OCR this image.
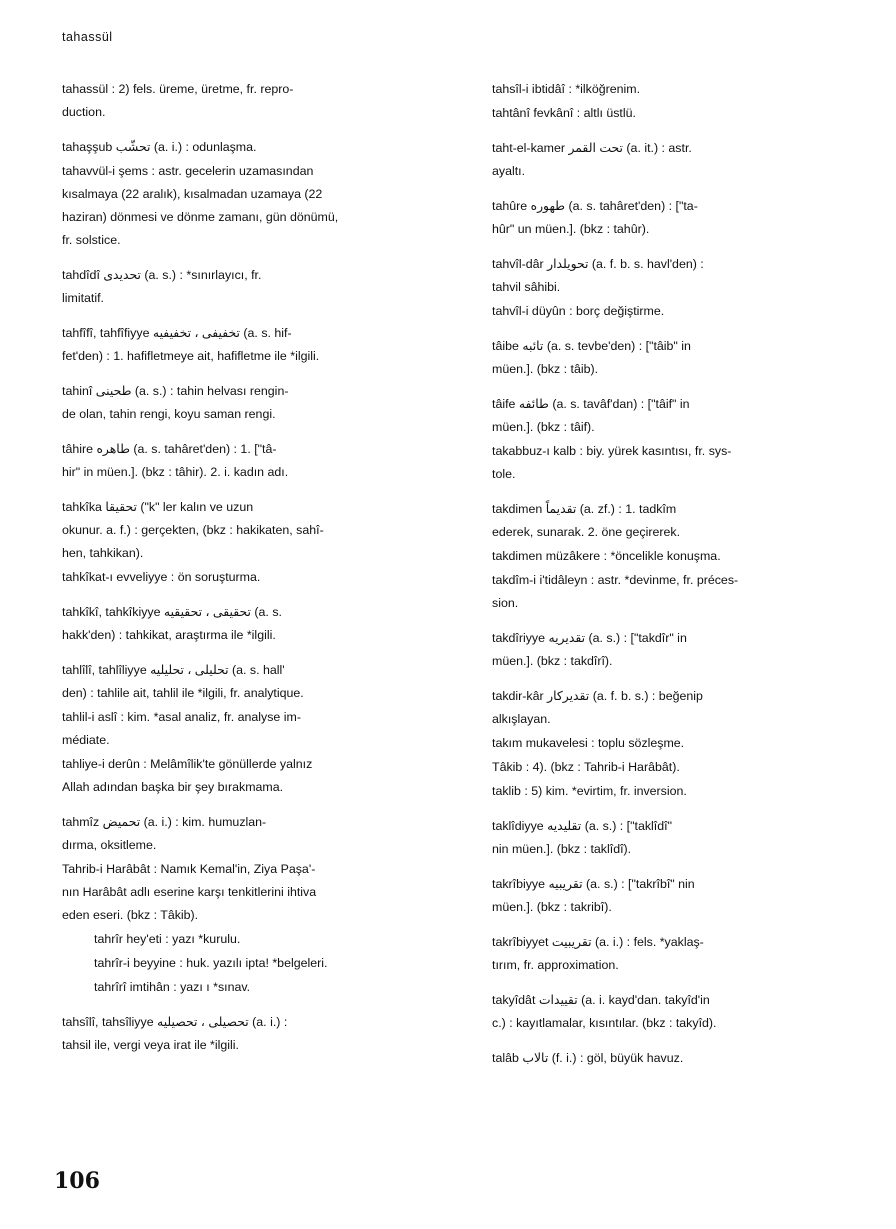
tahassül
tahassül : 2) fels. üreme, üretme, fr. repro-
duction.
tahaşşub تحشّب (a. i.) : odunlaşma.
tahavvül-i şems : astr. gecelerin uzamasından
kısalmaya (22 aralık), kısalmadan uzamaya (22
haziran) dönmesi ve dönme zamanı, gün dönümü,
fr. solstice.
tahdîdî تحديدى (a. s.) : *sınırlayıcı, fr.
limitatif.
tahfîfî, tahfîfiyye تخفيفى ، تخفيفيه (a. s. hif-
fet'den) : 1. hafifletmeye ait, hafifletme ile *ilgili.
tahinî طحينى (a. s.) : tahin helvası rengin-
de olan, tahin rengi, koyu saman rengi.
tâhire طاهره (a. s. tahâret'den) : 1. ["tâ-
hir" in müen.]. (bkz : tâhir). 2. i. kadın adı.
tahkîka تحقيقا ("k" ler kalın ve uzun
okunur. a. f.) : gerçekten, (bkz : hakikaten, sahî-
hen, tahkikan).
tahkîkat-ı evveliyye : ön soruşturma.
tahkîkî, tahkîkiyye تحقيقى ، تحقيقيه (a. s.
hakk'den) : tahkikat, araştırma ile *ilgili.
tahlîlî, tahlîliyye تحليلى ، تحليليه (a. s. hall'
den) : tahlile ait, tahlil ile *ilgili, fr. analytique.
tahlil-i aslî : kim. *asal analiz, fr. analyse im-
médiate.
tahliye-i derûn : Melâmîlik'te gönüllerde yalnız
Allah adından başka bir şey bırakmama.
tahmîz تحميض (a. i.) : kim. humuzlan-
dırma, oksitleme.
Tahrib-i Harâbât : Namık Kemal'in, Ziya Paşa'-
nın Harâbât adlı eserine karşı tenkitlerini ihtiva
eden eseri. (bkz : Tâkib).
tahrîr hey'eti : yazı *kurulu.
tahrîr-i beyyine : huk. yazılı ipta! *belgeleri.
tahrîrî imtihân : yazı ı *sınav.
tahsîlî, tahsîliyye تحصيلى ، تحصيليه (a. i.) :
tahsil ile, vergi veya irat ile *ilgili.
tahsîl-i ibtidâî : *ilköğrenim.
tahtânî fevkânî : altlı üstlü.
taht-el-kamer تحت القمر (a. it.) : astr.
ayaltı.
tahûre طهوره (a. s. tahâret'den) : ["ta-
hûr" un müen.]. (bkz : tahûr).
tahvîl-dâr تحويلدار (a. f. b. s. havl'den) :
tahvil sâhibi.
tahvîl-i düyûn : borç değiştirme.
tâibe تائبه (a. s. tevbe'den) : ["tâib" in
müen.]. (bkz : tâib).
tâife طائفه (a. s. tavâf'dan) : ["tâif" in
müen.]. (bkz : tâif).
takabbuz-ı kalb : biy. yürek kasıntısı, fr. sys-
tole.
takdimen تقديماً (a. zf.) : 1. tadkîm
ederek, sunarak. 2. öne geçirerek.
takdimen müzâkere : *öncelikle konuşma.
takdîm-i i'tidâleyn : astr. *devinme, fr. préces-
sion.
takdîriyye تقديريه (a. s.) : ["takdîr" in
müen.]. (bkz : takdîrî).
takdir-kâr تقديركار (a. f. b. s.) : beğenip
alkışlayan.
takım mukavelesi : toplu sözleşme.
Tâkib : 4). (bkz : Tahrib-i Harâbât).
taklib : 5) kim. *evirtim, fr. inversion.
taklîdiyye تقليديه (a. s.) : ["taklîdî"
nin müen.]. (bkz : taklîdî).
takrîbiyye تقريبيه (a. s.) : ["takrîbî" nin
müen.]. (bkz : takribî).
takrîbiyyet تقريبيت (a. i.) : fels. *yaklaş-
tırım, fr. approximation.
takyîdât تقييدات (a. i. kayd'dan. takyîd'in
c.) : kayıtlamalar, kısıntılar. (bkz : takyîd).
talâb تالاب (f. i.) : göl, büyük havuz.
106
